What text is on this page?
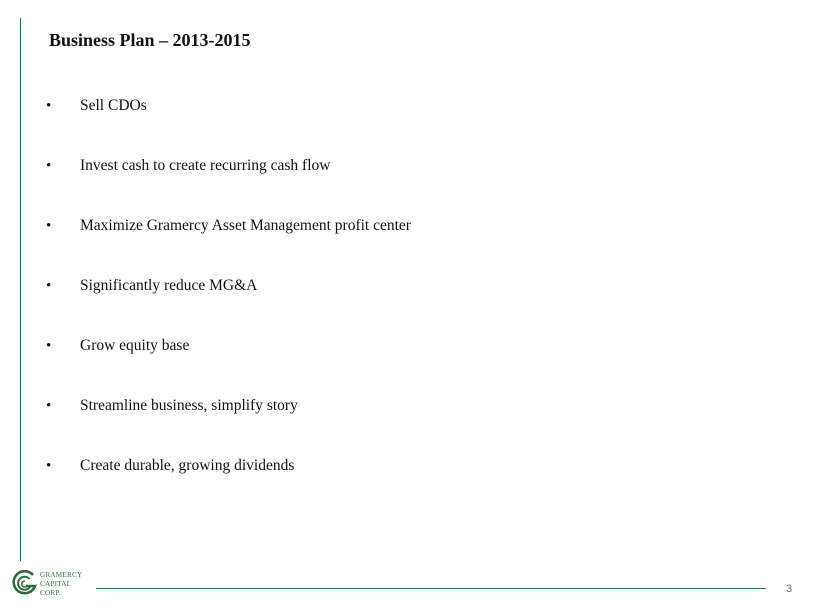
Business Plan – 2013-2015
•	Sell CDOs
•	Invest cash to create recurring cash flow
•	Maximize Gramercy Asset Management profit center
•	Significantly reduce MG&A
•	Grow equity base
•	Streamline business, simplify story
•	Create durable, growing dividends
GRAMERCY
CAPITAL
CORP.	3
